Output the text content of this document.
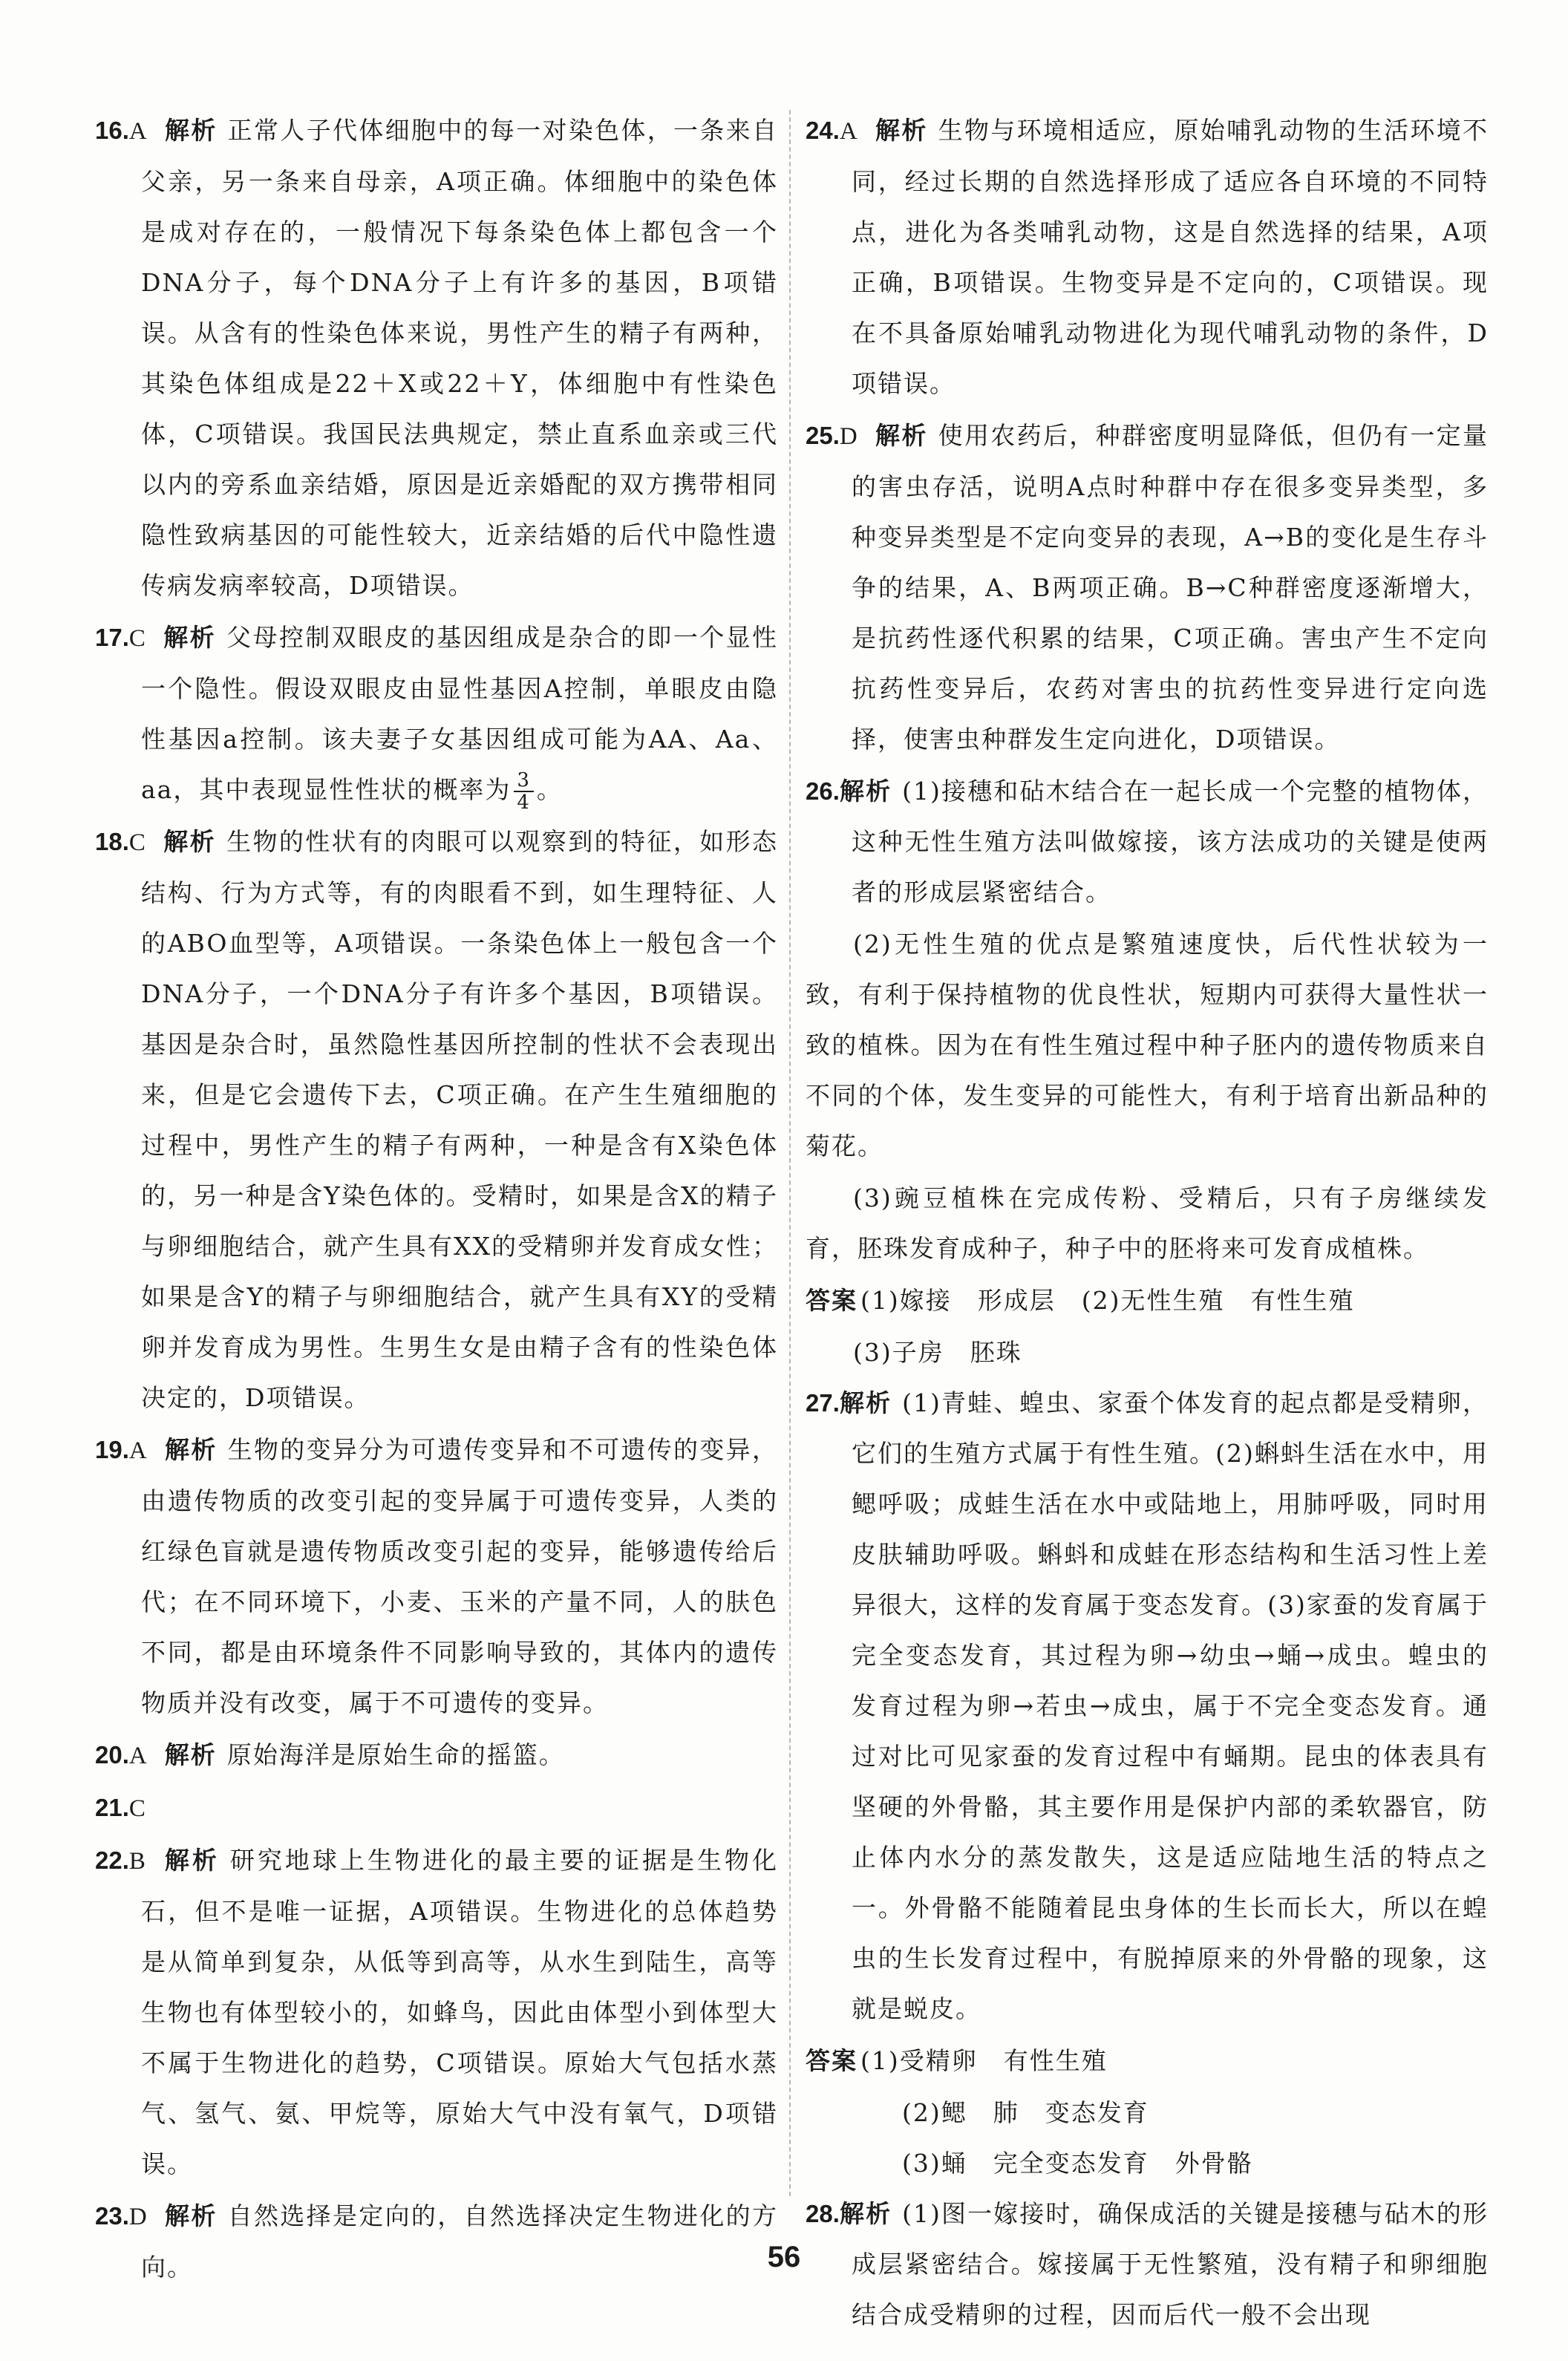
16.A 解析 正常人子代体细胞中的每一对染色体，一条来自父亲，另一条来自母亲，A项正确。体细胞中的染色体是成对存在的，一般情况下每条染色体上都包含一个DNA分子，每个DNA分子上有许多的基因，B项错误。从含有的性染色体来说，男性产生的精子有两种，其染色体组成是22＋X或22＋Y，体细胞中有性染色体，C项错误。我国民法典规定，禁止直系血亲或三代以内的旁系血亲结婚，原因是近亲婚配的双方携带相同隐性致病基因的可能性较大，近亲结婚的后代中隐性遗传病发病率较高，D项错误。

17.C 解析 父母控制双眼皮的基因组成是杂合的即一个显性一个隐性。假设双眼皮由显性基因A控制，单眼皮由隐性基因a控制。该夫妻子女基因组成可能为AA、Aa、aa，其中表现显性性状的概率为 $\frac{3}{4}$ 。

18.C 解析 生物的性状有的肉眼可以观察到的特征，如形态结构、行为方式等，有的肉眼看不到，如生理特征、人的ABO血型等，A项错误。一条染色体上一般包含一个DNA分子，一个DNA分子有许多个基因，B项错误。基因是杂合时，虽然隐性基因所控制的性状不会表现出来，但是它会遗传下去，C项正确。在产生生殖细胞的过程中，男性产生的精子有两种，一种是含有X染色体的，另一种是含Y染色体的。受精时，如果是含X的精子与卵细胞结合，就产生具有XX的受精卵并发育成女性；如果是含Y的精子与卵细胞结合，就产生具有XY的受精卵并发育成为男性。生男生女是由精子含有的性染色体决定的，D项错误。

19.A 解析 生物的变异分为可遗传变异和不可遗传的变异，由遗传物质的改变引起的变异属于可遗传变异，人类的红绿色盲就是遗传物质改变引起的变异，能够遗传给后代；在不同环境下，小麦、玉米的产量不同，人的肤色不同，都是由环境条件不同影响导致的，其体内的遗传物质并没有改变，属于不可遗传的变异。

20.A 解析 原始海洋是原始生命的摇篮。

21.C

22.B 解析 研究地球上生物进化的最主要的证据是生物化石，但不是唯一证据，A项错误。生物进化的总体趋势是从简单到复杂，从低等到高等，从水生到陆生，高等生物也有体型较小的，如蜂鸟，因此由体型小到体型大不属于生物进化的趋势，C项错误。原始大气包括水蒸气、氢气、氨、甲烷等，原始大气中没有氧气，D项错误。

23.D 解析 自然选择是定向的，自然选择决定生物进化的方向。

24.A 解析 生物与环境相适应，原始哺乳动物的生活环境不同，经过长期的自然选择形成了适应各自环境的不同特点，进化为各类哺乳动物，这是自然选择的结果，A项正确，B项错误。生物变异是不定向的，C项错误。现在不具备原始哺乳动物进化为现代哺乳动物的条件，D项错误。

25.D 解析 使用农药后，种群密度明显降低，但仍有一定量的害虫存活，说明A点时种群中存在很多变异类型，多种变异类型是不定向变异的表现，A→B的变化是生存斗争的结果，A、B两项正确。B→C种群密度逐渐增大，是抗药性逐代积累的结果，C项正确。害虫产生不定向抗药性变异后，农药对害虫的抗药性变异进行定向选择，使害虫种群发生定向进化，D项错误。

26.解析 (1)接穗和砧木结合在一起长成一个完整的植物体，这种无性生殖方法叫做嫁接，该方法成功的关键是使两者的形成层紧密结合。

(2)无性生殖的优点是繁殖速度快，后代性状较为一致，有利于保持植物的优良性状，短期内可获得大量性状一致的植株。因为在有性生殖过程中种子胚内的遗传物质来自不同的个体，发生变异的可能性大，有利于培育出新品种的菊花。

(3)豌豆植株在完成传粉、受精后，只有子房继续发育，胚珠发育成种子，种子中的胚将来可发育成植株。

答案 (1)嫁接　形成层　(2)无性生殖　有性生殖

(3)子房　胚珠

27.解析 (1)青蛙、蝗虫、家蚕个体发育的起点都是受精卵，它们的生殖方式属于有性生殖。(2)蝌蚪生活在水中，用鳃呼吸；成蛙生活在水中或陆地上，用肺呼吸，同时用皮肤辅助呼吸。蝌蚪和成蛙在形态结构和生活习性上差异很大，这样的发育属于变态发育。(3)家蚕的发育属于完全变态发育，其过程为卵→幼虫→蛹→成虫。蝗虫的发育过程为卵→若虫→成虫，属于不完全变态发育。通过对比可见家蚕的发育过程中有蛹期。昆虫的体表具有坚硬的外骨骼，其主要作用是保护内部的柔软器官，防止体内水分的蒸发散失，这是适应陆地生活的特点之一。外骨骼不能随着昆虫身体的生长而长大，所以在蝗虫的生长发育过程中，有脱掉原来的外骨骼的现象，这就是蜕皮。

答案 (1)受精卵　有性生殖

(2)鳃　肺　变态发育

(3)蛹　完全变态发育　外骨骼

28.解析 (1)图一嫁接时，确保成活的关键是接穗与砧木的形成层紧密结合。嫁接属于无性繁殖，没有精子和卵细胞结合成受精卵的过程，因而后代一般不会出现

56
